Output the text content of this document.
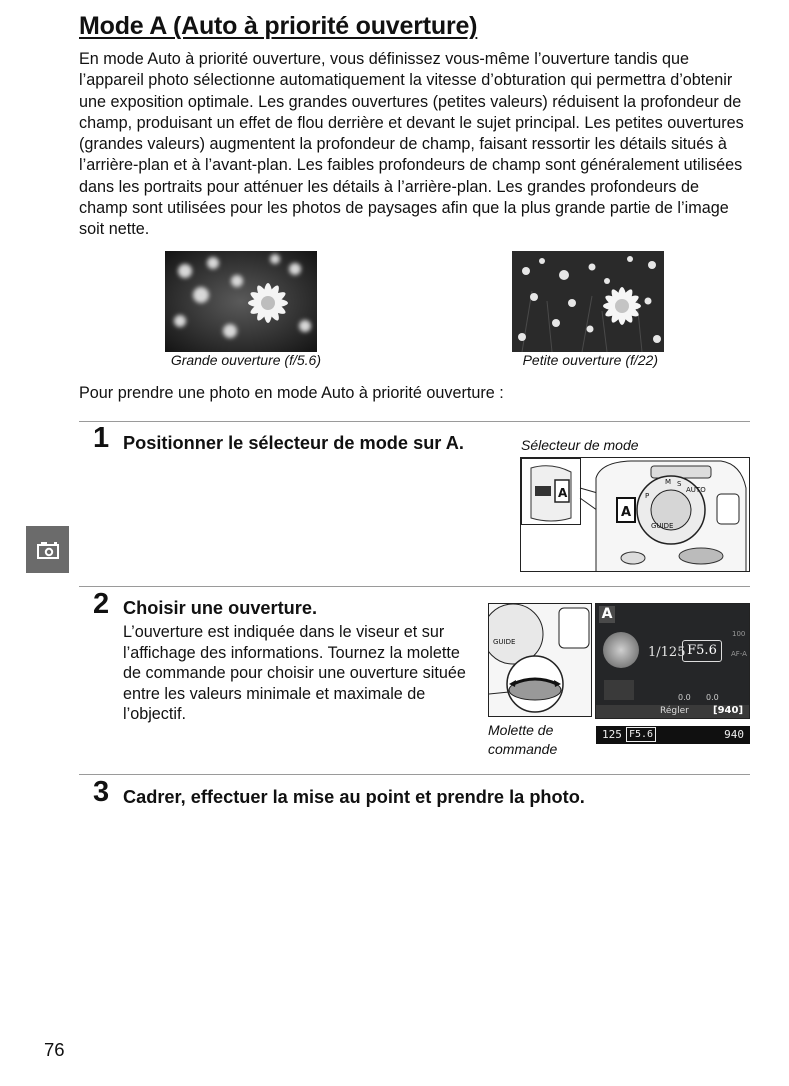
Mode A (Auto à priorité ouverture)
En mode Auto à priorité ouverture, vous définissez vous-même l’ouverture tandis que l’appareil photo sélectionne automatiquement la vitesse d’obturation qui permettra d’obtenir une exposition optimale. Les grandes ouvertures (petites valeurs) réduisent la profondeur de champ, produisant un effet de flou derrière et devant le sujet principal. Les petites ouvertures (grandes valeurs) augmentent la profondeur de champ, faisant ressortir les détails situés à l’arrière-plan et à l’avant-plan. Les faibles profondeurs de champ sont généralement utilisées dans les portraits pour atténuer les détails à l’arrière-plan. Les grandes profondeurs de champ sont utilisées pour les photos de paysages afin que la plus grande partie de l’image soit nette.
Grande ouverture (f/5.6)	Petite ouverture (f/22)
Pour prendre une photo en mode Auto à priorité ouverture :
1 Positionner le sélecteur de mode sur A.	Sélecteur de mode
A
M S
AUTO
P
GUIDE
A
2 Choisir une ouverture.
L’ouverture est indiquée dans le viseur et sur l’affichage des informations. Tournez la molette de commande pour choisir une ouverture située entre les valeurs minimale et maximale de l’objectif.
GUIDE
Molette de
commande
A
1/125 F5.6
100
AF-A
0.0 0.0
Régler [940]
125 F5.6	940
3 Cadrer, effectuer la mise au point et prendre la photo.
76
